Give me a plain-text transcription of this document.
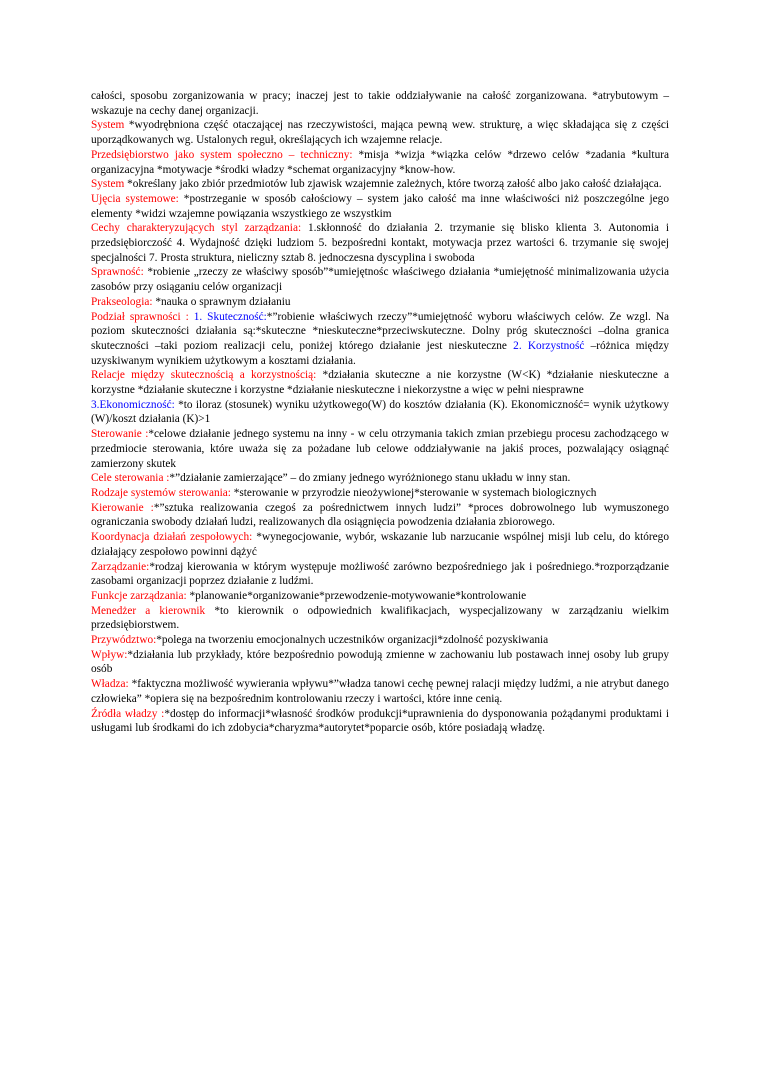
całości, sposobu zorganizowania w pracy; inaczej jest to takie oddziaływanie na całość zorganizowana. *atrybutowym –wskazuje na cechy danej organizacji.

System *wyodrębniona część otaczającej nas rzeczywistości, mająca pewną wew. strukturę, a więc składająca się z części uporządkowanych wg. Ustalonych reguł, określających ich wzajemne relacje.

Przedsiębiorstwo jako system społeczno – techniczny: *misja *wizja *wiązka celów *drzewo celów *zadania *kultura organizacyjna *motywacje *środki władzy *schemat organizacyjny *know-how.

System *określany jako zbiór przedmiotów lub zjawisk wzajemnie zależnych, które tworzą załość albo jako całość działająca.

Ujęcia systemowe: *postrzeganie w sposób całościowy – system jako całość ma inne właściwości niż poszczególne jego elementy *widzi wzajemne powiązania wszystkiego ze wszystkim

Cechy charakteryzujących styl zarządzania: 1.skłonność do działania 2. trzymanie się blisko klienta 3. Autonomia i przedsiębiorczość 4. Wydajność dzięki ludziom 5. bezpośredni kontakt, motywacja przez wartości 6. trzymanie się swojej specjalności 7. Prosta struktura, nieliczny sztab 8. jednoczesna dyscyplina i swoboda

Sprawność: *robienie „rzeczy ze właściwy sposób”*umiejętnośc właściwego działania *umiejętność minimalizowania użycia zasobów przy osiąganiu celów organizacji

Prakseologia: *nauka o sprawnym działaniu

Podział sprawności : 1. Skuteczność:*”robienie właściwych rzeczy”*umiejętność wyboru właściwych celów. Ze wzgl. Na poziom skuteczności działania są:*skuteczne *nieskuteczne*przeciwskuteczne. Dolny próg skuteczności –dolna granica skuteczności –taki poziom realizacji celu, poniżej którego działanie jest nieskuteczne 2. Korzystność –różnica między uzyskiwanym wynikiem użytkowym a kosztami działania.

Relacje między skutecznością a korzystnością: *działania skuteczne a nie korzystne (W<K) *działanie nieskuteczne a korzystne *działanie skuteczne i korzystne *działanie nieskuteczne i niekorzystne a więc w pełni niesprawne

3.Ekonomiczność: *to iloraz (stosunek) wyniku użytkowego(W) do kosztów działania (K). Ekonomiczność= wynik użytkowy (W)/koszt działania (K)>1

Sterowanie :*celowe działanie jednego systemu na inny - w celu otrzymania takich zmian przebiegu procesu zachodzącego w przedmiocie sterowania, które uważa się za pożadane lub celowe oddziaływanie na jakiś proces, pozwalający osiągnąć zamierzony skutek

Cele sterowania :*”działanie zamierzające” – do zmiany jednego wyróżnionego stanu układu w inny stan.

Rodzaje systemów sterowania: *sterowanie w przyrodzie nieożywionej*sterowanie w systemach biologicznych

Kierowanie :*”sztuka realizowania czegoś za pośrednictwem innych ludzi” *proces dobrowolnego lub wymuszonego ograniczania swobody działań ludzi, realizowanych dla osiągnięcia powodzenia działania zbiorowego.

Koordynacja działań zespołowych: *wynegocjowanie, wybór, wskazanie lub narzucanie wspólnej misji lub celu, do którego działający zespołowo powinni dążyć

Zarządzanie:*rodzaj kierowania w którym występuje możliwość zarówno bezpośredniego jak i pośredniego.*rozporządzanie zasobami organizacji poprzez działanie z ludźmi.

Funkcje zarządzania: *planowanie*organizowanie*przewodzenie-motywowanie*kontrolowanie

Menedżer a kierownik *to kierownik o odpowiednich kwalifikacjach, wyspecjalizowany w zarządzaniu wielkim przedsiębiorstwem.

Przywództwo:*polega na tworzeniu emocjonalnych uczestników organizacji*zdolność pozyskiwania

Wpływ:*działania lub przykłady, które bezpośrednio powodują zmienne w zachowaniu lub postawach innej osoby lub grupy osób

Władza: *faktyczna możliwość wywierania wpływu*”władza tanowi cechę pewnej ralacji między ludźmi, a nie atrybut danego człowieka” *opiera się na bezpośrednim kontrolowaniu rzeczy i wartości, które inne cenią.

Źródła władzy :*dostęp do informacji*własność środków produkcji*uprawnienia do dysponowania pożądanymi produktami i usługami lub środkami do ich zdobycia*charyzma*autorytet*poparcie osób, które posiadają władzę.
